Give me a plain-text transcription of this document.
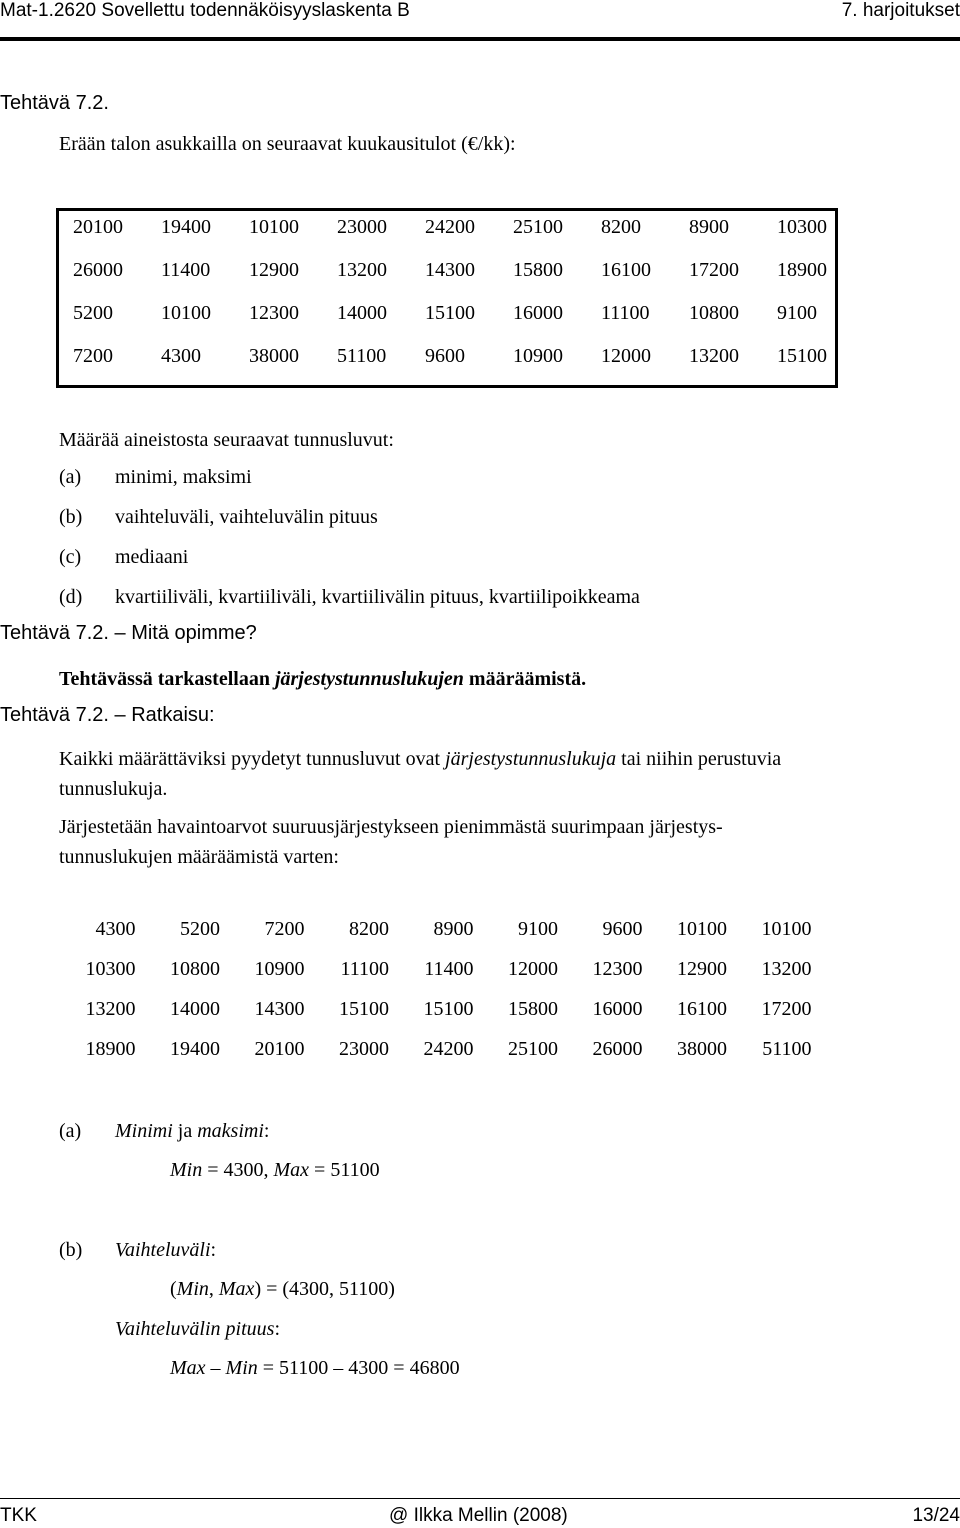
Mat-1.2620 Sovellettu todennäköisyyslaskenta B	7. harjoitukset
Tehtävä 7.2.
Erään talon asukkailla on seuraavat kuukausitulot (€/kk):
20100	19400	10100	23000	24200	25100	8200	8900	10300
26000	11400	12900	13200	14300	15800	16100	17200	18900
5200	10100	12300	14000	15100	16000	11100	10800	9100
7200	4300	38000	51100	9600	10900	12000	13200	15100
Määrää aineistosta seuraavat tunnusluvut:
(a) minimi, maksimi
(b) vaihteluväli, vaihteluvälin pituus
(c) mediaani
(d) kvartiiliväli, kvartiiliväli, kvartiilivälin pituus, kvartiilipoikkeama
Tehtävä 7.2. – Mitä opimme?
Tehtävässä tarkastellaan järjestystunnuslukujen määräämistä.
Tehtävä 7.2. – Ratkaisu:
Kaikki määrättäviksi pyydetyt tunnusluvut ovat järjestystunnuslukuja tai niihin perustuvia
tunnuslukuja.
Järjestetään havaintoarvot suuruusjärjestykseen pienimmästä suurimpaan järjestys-
tunnuslukujen määräämistä varten:
4300	5200	7200	8200	8900	9100	9600	10100	10100
10300	10800	10900	11100	11400	12000	12300	12900	13200
13200	14000	14300	15100	15100	15800	16000	16100	17200
18900	19400	20100	23000	24200	25100	26000	38000	51100
(a) Minimi ja maksimi:
Min = 4300, Max = 51100
(b) Vaihteluväli:
(Min, Max) = (4300, 51100)
Vaihteluvälin pituus:
Max – Min = 51100 – 4300 = 46800
TKK	@ Ilkka Mellin (2008)	13/24
